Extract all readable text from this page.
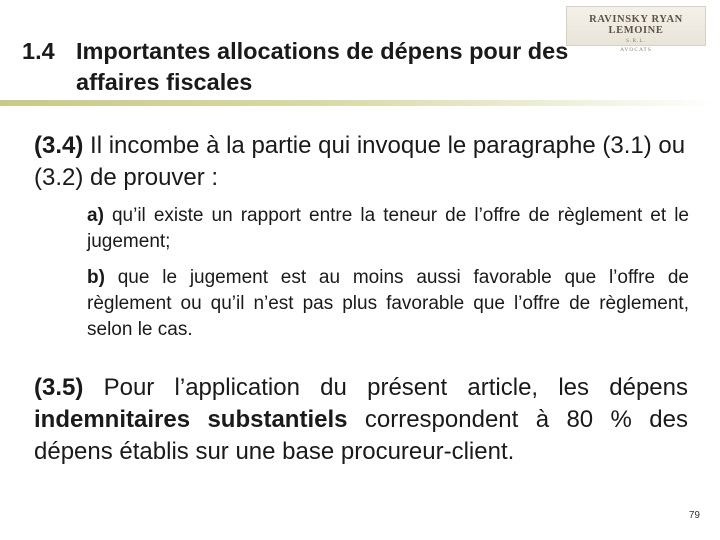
RAVINSKY RYAN LEMOINE
S.R.L.
AVOCATS
1.4 Importantes allocations de dépens pour des
affaires fiscales
(3.4) Il incombe à la partie qui invoque le paragraphe (3.1) ou (3.2) de prouver :
a) qu’il existe un rapport entre la teneur de l’offre de règlement et le jugement;
b) que le jugement est au moins aussi favorable que l’offre de règlement ou qu’il n’est pas plus favorable que l’offre de règlement, selon le cas.
(3.5) Pour l’application du présent article, les dépens indemnitaires substantiels correspondent à 80 % des dépens établis sur une base procureur-client.
79
